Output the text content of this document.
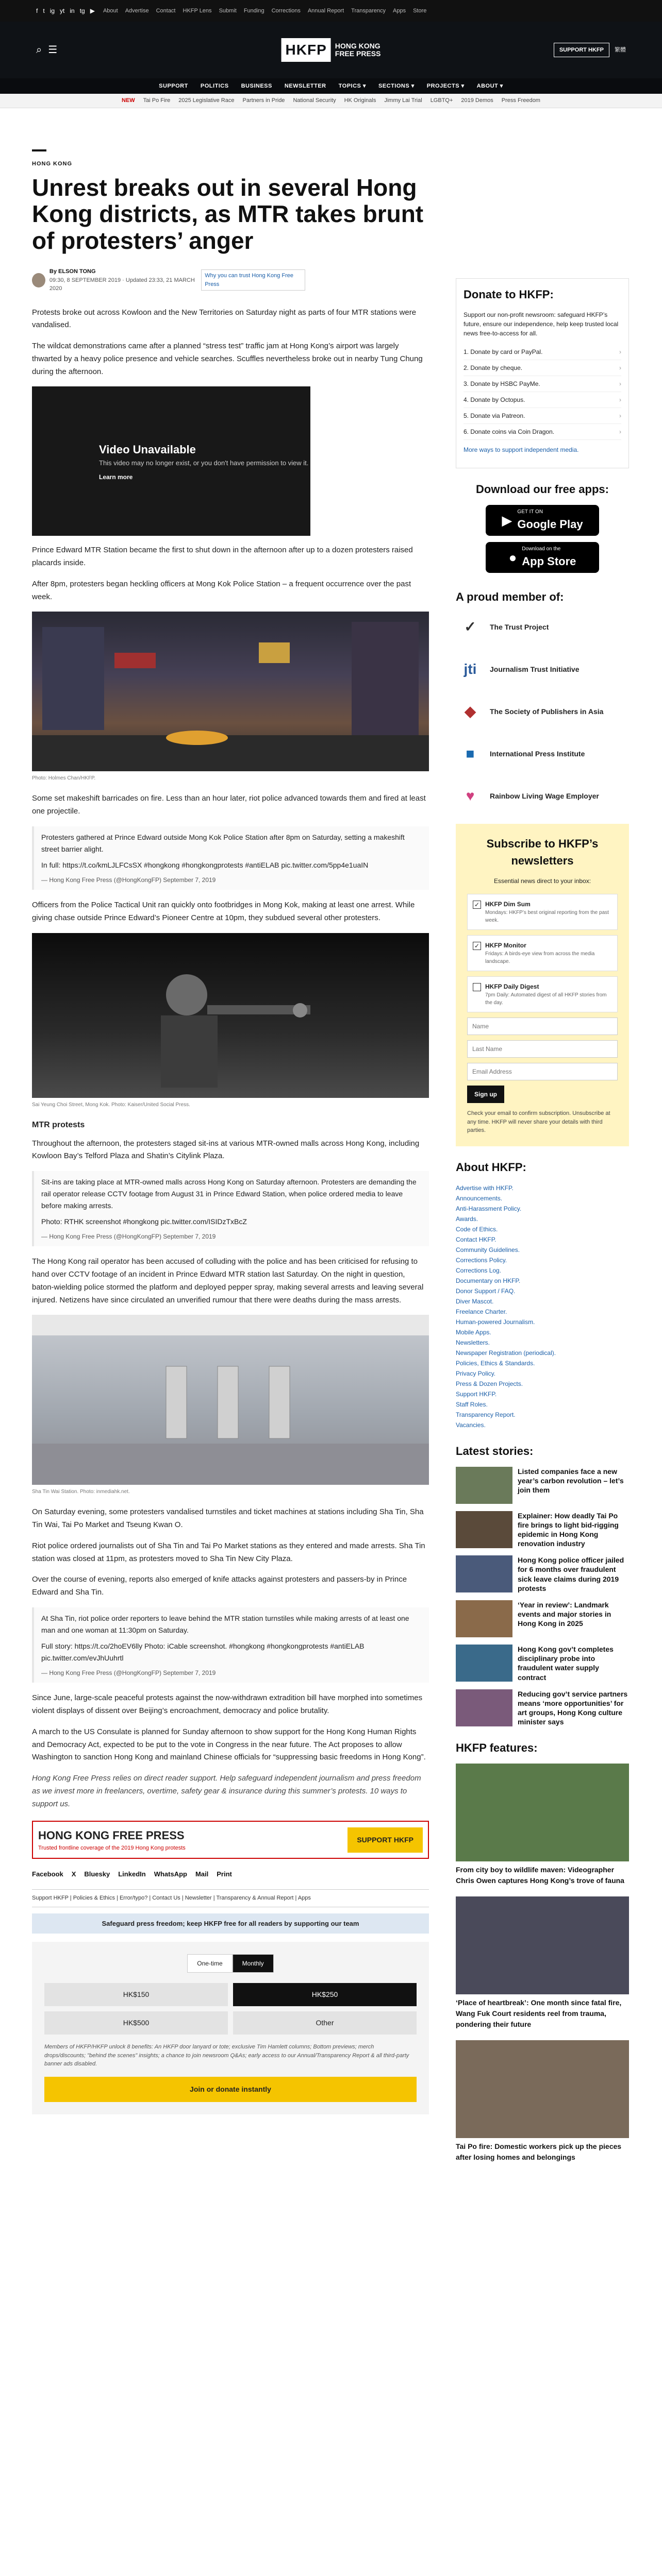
f t ig yt in tg ▶ About Advertise Contact HKFP Lens Submit Funding Corrections Annual Report Transparency Apps Store
⌕ ☰	HKFP	HONG KONG
FREE PRESS	SUPPORT HKFP	繁體
SUPPORT POLITICS BUSINESS NEWSLETTER TOPICS ▾ SECTIONS ▾ PROJECTS ▾ ABOUT ▾
NEW Tai Po Fire 2025 Legislative Race Partners in Pride National Security HK Originals Jimmy Lai Trial LGBTQ+ 2019 Demos Press Freedom
HONG KONG
Unrest breaks out in several Hong Kong districts, as MTR takes brunt of protesters’ anger
By ELSON TONG
09:30, 8 SEPTEMBER 2019 · Updated 23:33, 21 MARCH 2020
Why you can trust Hong Kong Free Press

Protests broke out across Kowloon and the New Territories on Saturday night as parts of four MTR stations were vandalised.

The wildcat demonstrations came after a planned “stress test” traffic jam at Hong Kong’s airport was largely thwarted by a heavy police presence and vehicle searches. Scuffles nevertheless broke out in nearby Tung Chung during the afternoon.

Video Unavailable
This video may no longer exist, or you don't have permission to view it.
Learn more

Prince Edward MTR Station became the first to shut down in the afternoon after up to a dozen protesters raised placards inside.

After 8pm, protesters began heckling officers at Mong Kok Police Station – a frequent occurrence over the past week.

Photo: Holmes Chan/HKFP.

Some set makeshift barricades on fire. Less than an hour later, riot police advanced towards them and fired at least one projectile.

Protesters gathered at Prince Edward outside Mong Kok Police Station after 8pm on Saturday, setting a makeshift street barrier alight.

In full: https://t.co/kmLJLFCsSX #hongkong #hongkongprotests #antiELAB pic.twitter.com/5pp4e1uaIN

— Hong Kong Free Press (@HongKongFP) September 7, 2019

Officers from the Police Tactical Unit ran quickly onto footbridges in Mong Kok, making at least one arrest. While giving chase outside Prince Edward’s Pioneer Centre at 10pm, they subdued several other protesters.

Sai Yeung Choi Street, Mong Kok. Photo: Kaiser/United Social Press.
MTR protests

Throughout the afternoon, the protesters staged sit-ins at various MTR-owned malls across Hong Kong, including Kowloon Bay’s Telford Plaza and Shatin’s Citylink Plaza.

Sit-ins are taking place at MTR-owned malls across Hong Kong on Saturday afternoon. Protesters are demanding the rail operator release CCTV footage from August 31 in Prince Edward Station, when police ordered media to leave before making arrests.

Photo: RTHK screenshot #hongkong pic.twitter.com/ISIDzTxBcZ

— Hong Kong Free Press (@HongKongFP) September 7, 2019

The Hong Kong rail operator has been accused of colluding with the police and has been criticised for refusing to hand over CCTV footage of an incident in Prince Edward MTR station last Saturday. On the night in question, baton-wielding police stormed the platform and deployed pepper spray, making several arrests and leaving several injured. Netizens have since circulated an unverified rumour that there were deaths during the mass arrests.

Sha Tin Wai Station. Photo: inmediahk.net.

On Saturday evening, some protesters vandalised turnstiles and ticket machines at stations including Sha Tin, Sha Tin Wai, Tai Po Market and Tseung Kwan O.

Riot police ordered journalists out of Sha Tin and Tai Po Market stations as they entered and made arrests. Sha Tin station was closed at 11pm, as protesters moved to Sha Tin New City Plaza.

Over the course of evening, reports also emerged of knife attacks against protesters and passers-by in Prince Edward and Sha Tin.

At Sha Tin, riot police order reporters to leave behind the MTR station turnstiles while making arrests of at least one man and one woman at 11:30pm on Saturday.

Full story: https://t.co/2hoEV6lly Photo: iCable screenshot. #hongkong #hongkongprotests #antiELAB pic.twitter.com/evJhUuhrtl

— Hong Kong Free Press (@HongKongFP) September 7, 2019

Since June, large-scale peaceful protests against the now-withdrawn extradition bill have morphed into sometimes violent displays of dissent over Beijing’s encroachment, democracy and police brutality.

A march to the US Consulate is planned for Sunday afternoon to show support for the Hong Kong Human Rights and Democracy Act, expected to be put to the vote in Congress in the near future. The Act proposes to allow Washington to sanction Hong Kong and mainland Chinese officials for “suppressing basic freedoms in Hong Kong”.

Hong Kong Free Press relies on direct reader support. Help safeguard independent journalism and press freedom as we invest more in freelancers, overtime, safety gear & insurance during this summer’s protests. 10 ways to support us.

HONG KONG FREE PRESS
Trusted frontline coverage of the 2019 Hong Kong protests
SUPPORT HKFP
Facebook X Bluesky LinkedIn WhatsApp Mail Print
Support HKFP | Policies & Ethics | Error/typo? | Contact Us | Newsletter | Transparency & Annual Report | Apps
Safeguard press freedom; keep HKFP free for all readers by supporting our team
One-time	Monthly
HK$150	HK$250
HK$500	Other
Members of HKFP/HKFP unlock 8 benefits: An HKFP door lanyard or tote; exclusive Tim Hamlett columns; Bottom previews; merch drops/discounts; "behind the scenes" insights; a chance to join newsroom Q&As; early access to our Annual/Transparency Report & all third-party banner ads disabled.
Join or donate instantly
Donate to HKFP:

Support our non-profit newsroom: safeguard HKFP’s future, ensure our independence, help keep trusted local news free-to-access for all.

1. Donate by card or PayPal.	›
2. Donate by cheque.	›
3. Donate by HSBC PayMe.	›
4. Donate by Octopus.	›
5. Donate via Patreon.	›
6. Donate coins via Coin Dragon.	›

More ways to support independent media.

Download our free apps:
▶
GET IT ON
Google Play
●
Download on the
App Store
A proud member of:
✓	The Trust Project
jti	Journalism Trust Initiative
◆	The Society of Publishers in Asia
■	International Press Institute
♥	Rainbow Living Wage Employer
Subscribe to HKFP’s newsletters
Essential news direct to your inbox:
✓ HKFP Dim Sum
Mondays: HKFP’s best original reporting from the past week.
✓ HKFP Monitor
Fridays: A birds-eye view from across the media landscape.
HKFP Daily Digest
7pm Daily: Automated digest of all HKFP stories from the day.
Name Last Name Email Address Sign up
Check your email to confirm subscription. Unsubscribe at any time. HKFP will never share your details with third parties.
About HKFP:
Advertise with HKFP.
Announcements.
Anti-Harassment Policy.
Awards.
Code of Ethics.
Contact HKFP.
Community Guidelines.
Corrections Policy.
Corrections Log.
Documentary on HKFP.
Donor Support / FAQ.
Diver Mascot.
Freelance Charter.
Human-powered Journalism.
Mobile Apps.
Newsletters.
Newspaper Registration (periodical).
Policies, Ethics & Standards.
Privacy Policy.
Press & Dozen Projects.
Support HKFP.
Staff Roles.
Transparency Report.
Vacancies.
Latest stories:
Listed companies face a new year’s carbon revolution – let’s join them
Explainer: How deadly Tai Po fire brings to light bid-rigging epidemic in Hong Kong renovation industry
Hong Kong police officer jailed for 6 months over fraudulent sick leave claims during 2019 protests
‘Year in review’: Landmark events and major stories in Hong Kong in 2025
Hong Kong gov’t completes disciplinary probe into fraudulent water supply contract
Reducing gov’t service partners means ‘more opportunities’ for art groups, Hong Kong culture minister says
HKFP features:
From city boy to wildlife maven: Videographer Chris Owen captures Hong Kong’s trove of fauna
‘Place of heartbreak’: One month since fatal fire, Wang Fuk Court residents reel from trauma, pondering their future
Tai Po fire: Domestic workers pick up the pieces after losing homes and belongings
